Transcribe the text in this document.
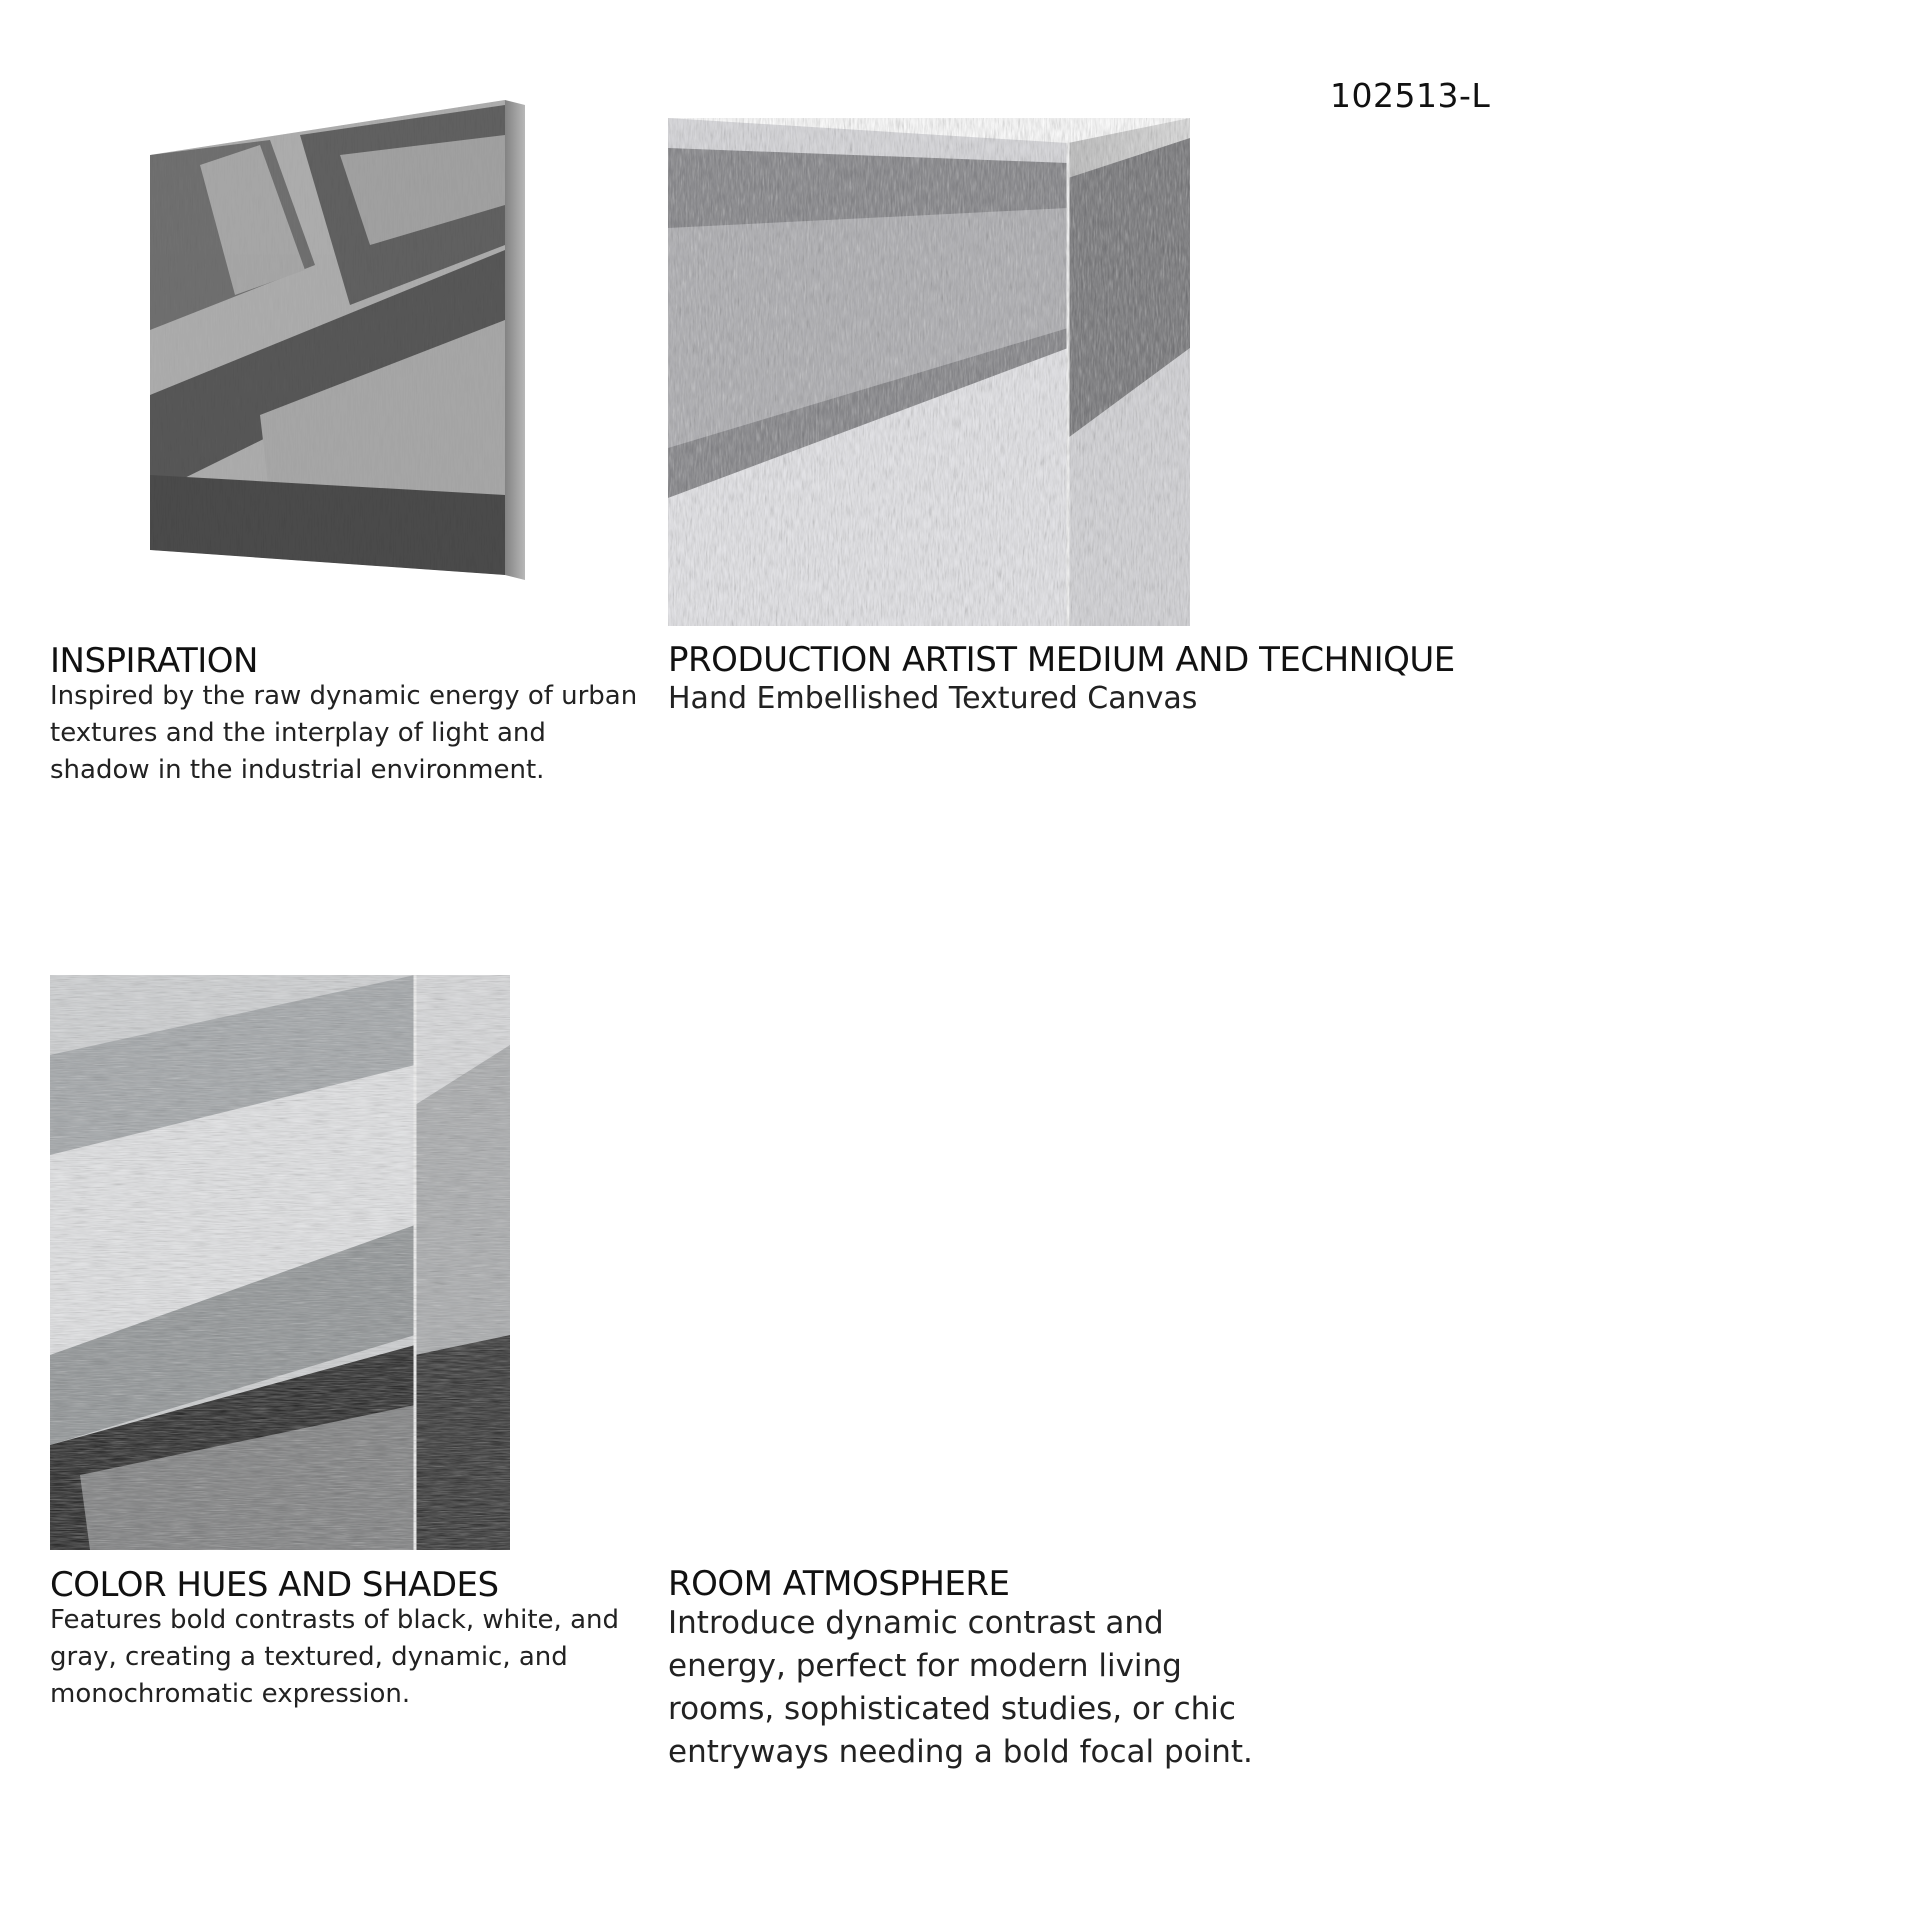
102513-L
INSPIRATION

Inspired by the raw dynamic energy of urban textures and the interplay of light and shadow in the industrial environment.

PRODUCTION ARTIST MEDIUM AND TECHNIQUE

Hand Embellished Textured Canvas

COLOR HUES AND SHADES

Features bold contrasts of black, white, and gray, creating a textured, dynamic, and monochromatic expression.

ROOM ATMOSPHERE

Introduce dynamic contrast and energy, perfect for modern living rooms, sophisticated studies, or chic entryways needing a bold focal point.
